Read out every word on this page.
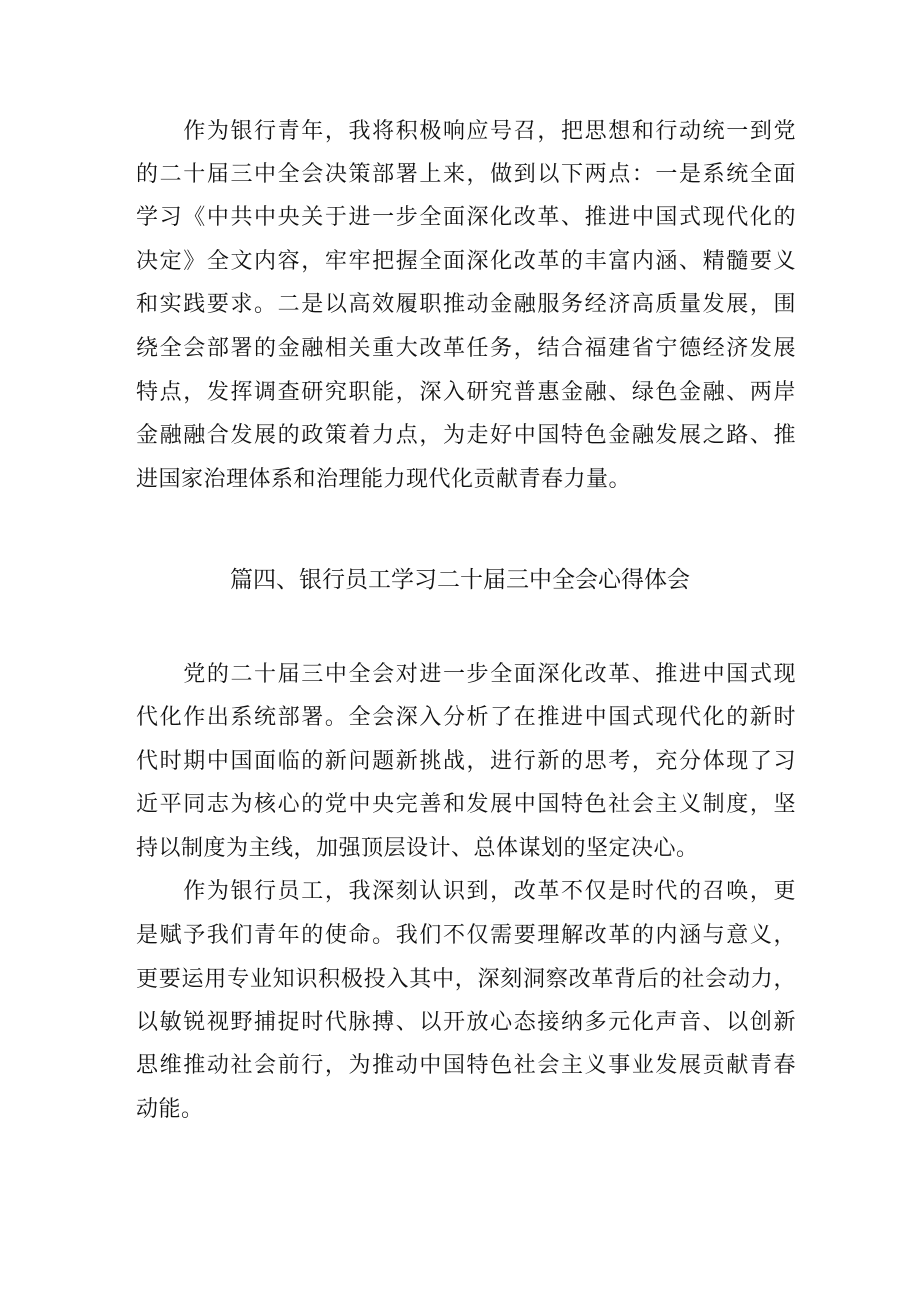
　　作为银行青年，我将积极响应号召，把思想和行动统一到党
的二十届三中全会决策部署上来，做到以下两点：一是系统全面
学习《中共中央关于进一步全面深化改革、推进中国式现代化的
决定》全文内容，牢牢把握全面深化改革的丰富内涵、精髓要义
和实践要求。二是以高效履职推动金融服务经济高质量发展，围
绕全会部署的金融相关重大改革任务，结合福建省宁德经济发展
特点，发挥调查研究职能，深入研究普惠金融、绿色金融、两岸
金融融合发展的政策着力点，为走好中国特色金融发展之路、推
进国家治理体系和治理能力现代化贡献青春力量。
篇四、银行员工学习二十届三中全会心得体会
　　党的二十届三中全会对进一步全面深化改革、推进中国式现
代化作出系统部署。全会深入分析了在推进中国式现代化的新时
代时期中国面临的新问题新挑战，进行新的思考，充分体现了习
近平同志为核心的党中央完善和发展中国特色社会主义制度，坚
持以制度为主线，加强顶层设计、总体谋划的坚定决心。
　　作为银行员工，我深刻认识到，改革不仅是时代的召唤，更
是赋予我们青年的使命。我们不仅需要理解改革的内涵与意义，
更要运用专业知识积极投入其中，深刻洞察改革背后的社会动力，
以敏锐视野捕捉时代脉搏、以开放心态接纳多元化声音、以创新
思维推动社会前行，为推动中国特色社会主义事业发展贡献青春
动能。
